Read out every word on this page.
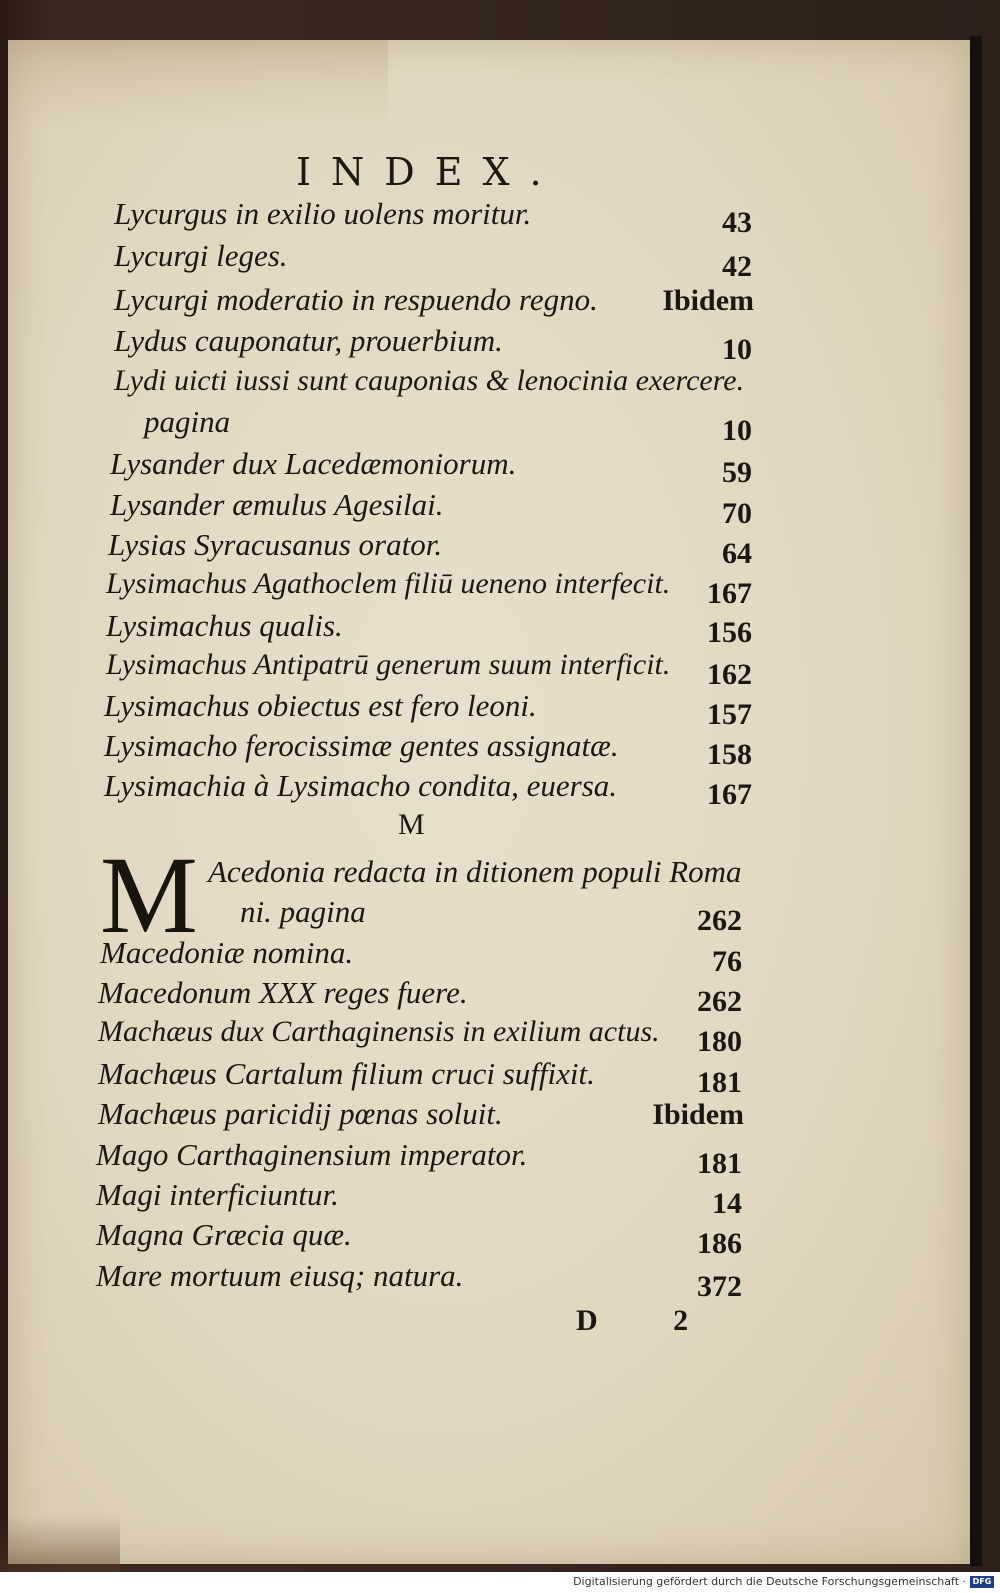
INDEX.
Lycurgus in exilio uolens moritur.	43
Lycurgi leges.	42
Lycurgi moderatio in respuendo regno.	Ibidem
Lydus cauponatur, prouerbium.	10
Lydi uicti iussi sunt cauponias & lenocinia exercere.
pagina	10
Lysander dux Lacedæmoniorum.	59
Lysander æmulus Agesilai.	70
Lysias Syracusanus orator.	64
Lysimachus Agathoclem filiū ueneno interfecit.	167
Lysimachus qualis.	156
Lysimachus Antipatrū generum suum interficit.	162
Lysimachus obiectus est fero leoni.	157
Lysimacho ferocissimæ gentes assignatæ.	158
Lysimachia à Lysimacho condita, euersa.	167
M
M Acedonia redacta in ditionem populi Roma
ni. pagina	262
Macedoniæ nomina.	76
Macedonum XXX reges fuere.	262
Machæus dux Carthaginensis in exilium actus.	180
Machæus Cartalum filium cruci suffixit.	181
Machæus paricidij pœnas soluit.	Ibidem
Mago Carthaginensium imperator.	181
Magi interficiuntur.	14
Magna Græcia quæ.	186
Mare mortuum eiusq; natura.	372
D 2
Digitalisierung gefördert durch die Deutsche Forschungsgemeinschaft · DFG
